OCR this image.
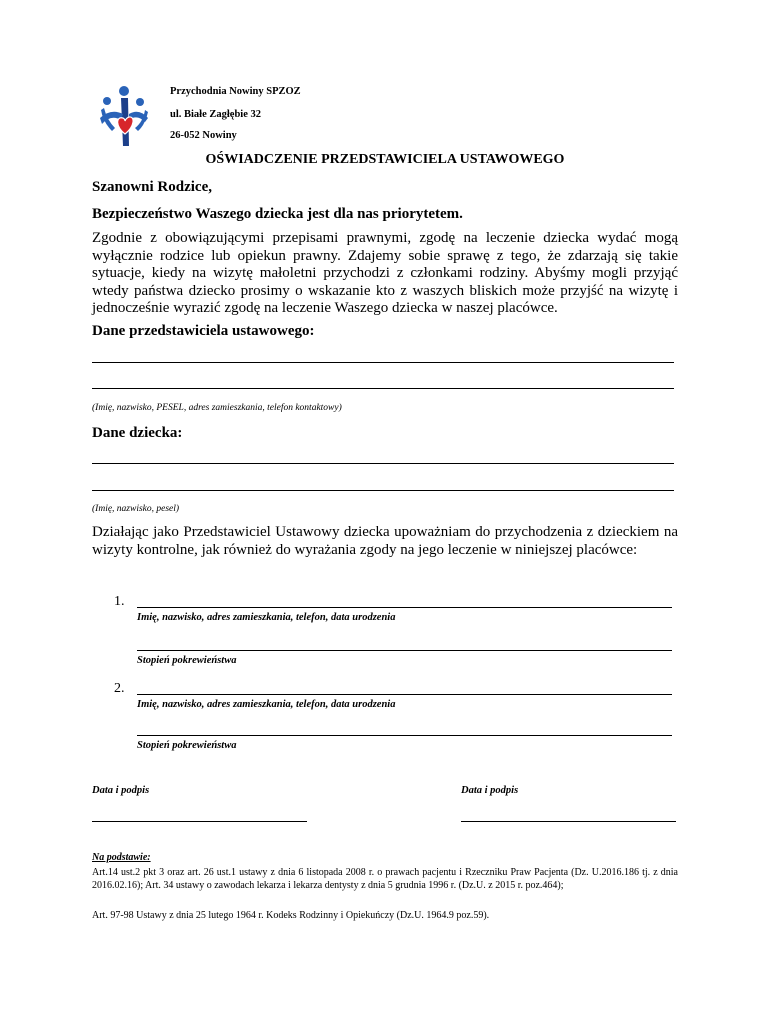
Przychodnia Nowiny SPZOZ
ul. Białe Zagłębie 32
26-052 Nowiny
OŚWIADCZENIE PRZEDSTAWICIELA USTAWOWEGO
Szanowni Rodzice,
Bezpieczeństwo Waszego dziecka jest dla nas priorytetem.
Zgodnie z obowiązującymi przepisami prawnymi, zgodę na leczenie dziecka wydać mogą wyłącznie rodzice lub opiekun prawny. Zdajemy sobie sprawę z tego, że zdarzają się takie sytuacje, kiedy na wizytę małoletni przychodzi z członkami rodziny. Abyśmy mogli przyjąć wtedy państwa dziecko prosimy o wskazanie kto z waszych bliskich może przyjść na wizytę i jednocześnie wyrazić zgodę na leczenie Waszego dziecka w naszej placówce.
Dane przedstawiciela ustawowego:
(Imię, nazwisko, PESEL, adres zamieszkania, telefon kontaktowy)
Dane dziecka:
(Imię, nazwisko, pesel)
Działając jako Przedstawiciel Ustawowy dziecka upoważniam do przychodzenia z dzieckiem na wizyty kontrolne, jak również do wyrażania zgody na jego leczenie w niniejszej placówce:
1.
Imię, nazwisko, adres zamieszkania, telefon, data urodzenia
Stopień pokrewieństwa
2.
Imię, nazwisko, adres zamieszkania, telefon, data urodzenia
Stopień pokrewieństwa
Data i podpis	Data i podpis
Na podstawie:
Art.14 ust.2 pkt 3 oraz art. 26 ust.1 ustawy z dnia 6 listopada 2008 r. o prawach pacjentu i Rzeczniku Praw Pacjenta (Dz. U.2016.186 tj. z dnia 2016.02.16); Art. 34 ustawy o zawodach lekarza i lekarza dentysty z dnia 5 grudnia 1996 r. (Dz.U. z 2015 r. poz.464);
Art. 97-98 Ustawy z dnia 25 lutego 1964 r. Kodeks Rodzinny i Opiekuńczy (Dz.U. 1964.9 poz.59).
